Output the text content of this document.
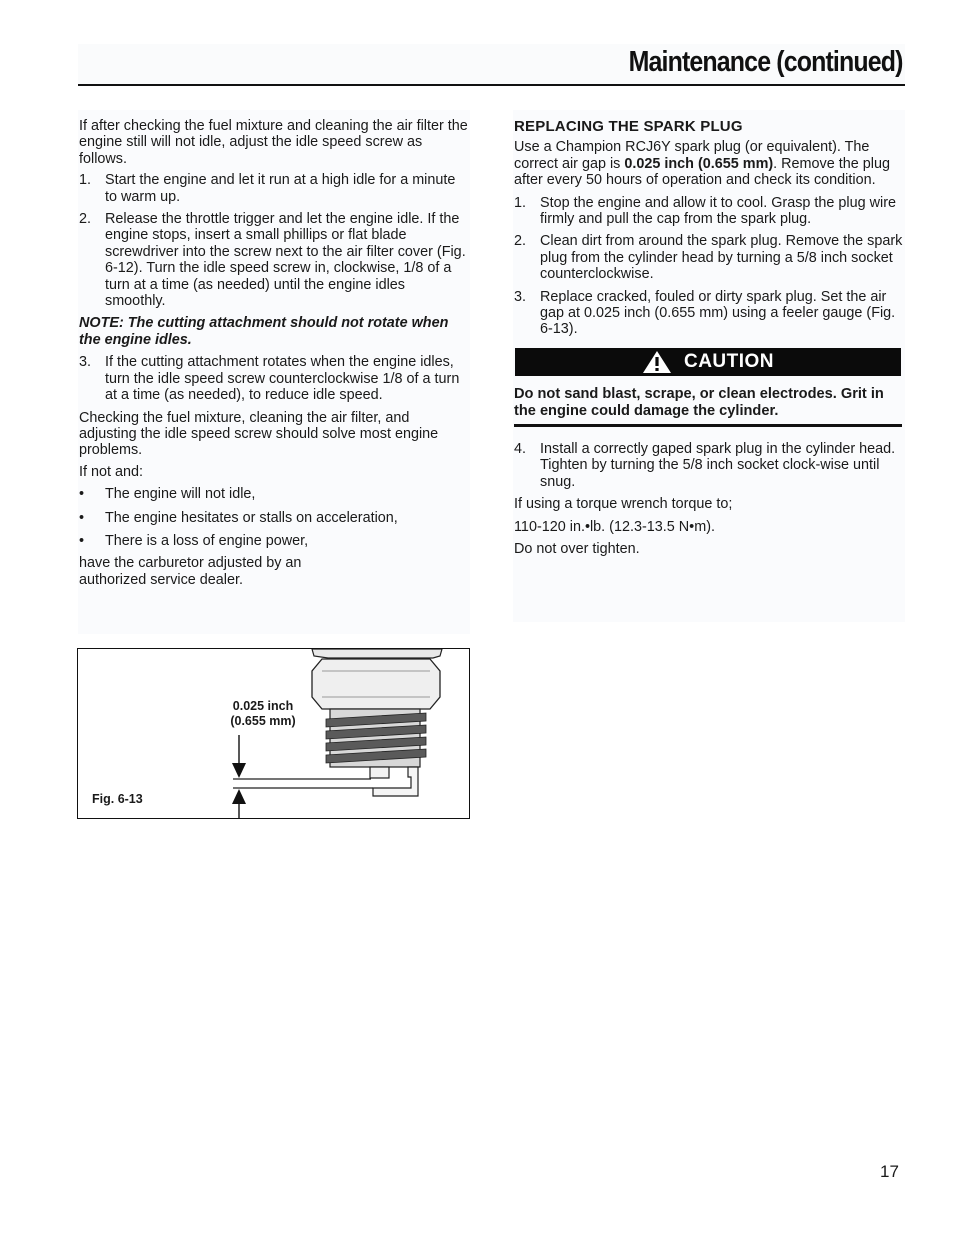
Maintenance (continued)

If after checking the fuel mixture and cleaning the air filter the engine still will not idle, adjust the idle speed screw as follows.

1. Start the engine and let it run at a high idle for a minute to warm up.
2. Release the throttle trigger and let the engine idle. If the engine stops, insert a small phillips or flat blade screwdriver into the screw next to the air filter cover (Fig. 6-12). Turn the idle speed screw in, clockwise, 1/8 of a turn at a time (as needed) until the engine idles smoothly.

NOTE: The cutting attachment should not rotate when the engine idles.

3. If the cutting attachment rotates when the engine idles, turn the idle speed screw counterclockwise 1/8 of a turn at a time (as needed), to reduce idle speed.

Checking the fuel mixture, cleaning the air filter, and adjusting the idle speed screw should solve most engine problems.

If not and:

•	The engine will not idle,
•	The engine hesitates or stalls on acceleration,
•	There is a loss of engine power,

have the carburetor adjusted by an authorized service dealer.

REPLACING THE SPARK PLUG

Use a Champion RCJ6Y spark plug (or equivalent). The correct air gap is 0.025 inch (0.655 mm). Remove the plug after every 50 hours of operation and check its condition.

1. Stop the engine and allow it to cool. Grasp the plug wire firmly and pull the cap from the spark plug.
2. Clean dirt from around the spark plug. Remove the spark plug from the cylinder head by turning a 5/8 inch socket counterclockwise.
3. Replace cracked, fouled or dirty spark plug. Set the air gap at 0.025 inch (0.655 mm) using a feeler gauge (Fig. 6-13).
CAUTION
Do not sand blast, scrape, or clean electrodes. Grit in the engine could damage the cylinder.
4. Install a correctly gaped spark plug in the cylinder head. Tighten by turning the 5/8 inch socket clock-wise until snug.

If using a torque wrench torque to;

110-120 in.•lb. (12.3-13.5 N•m).

Do not over tighten.

0.025 inch
(0.655 mm)
Fig. 6-13
17
